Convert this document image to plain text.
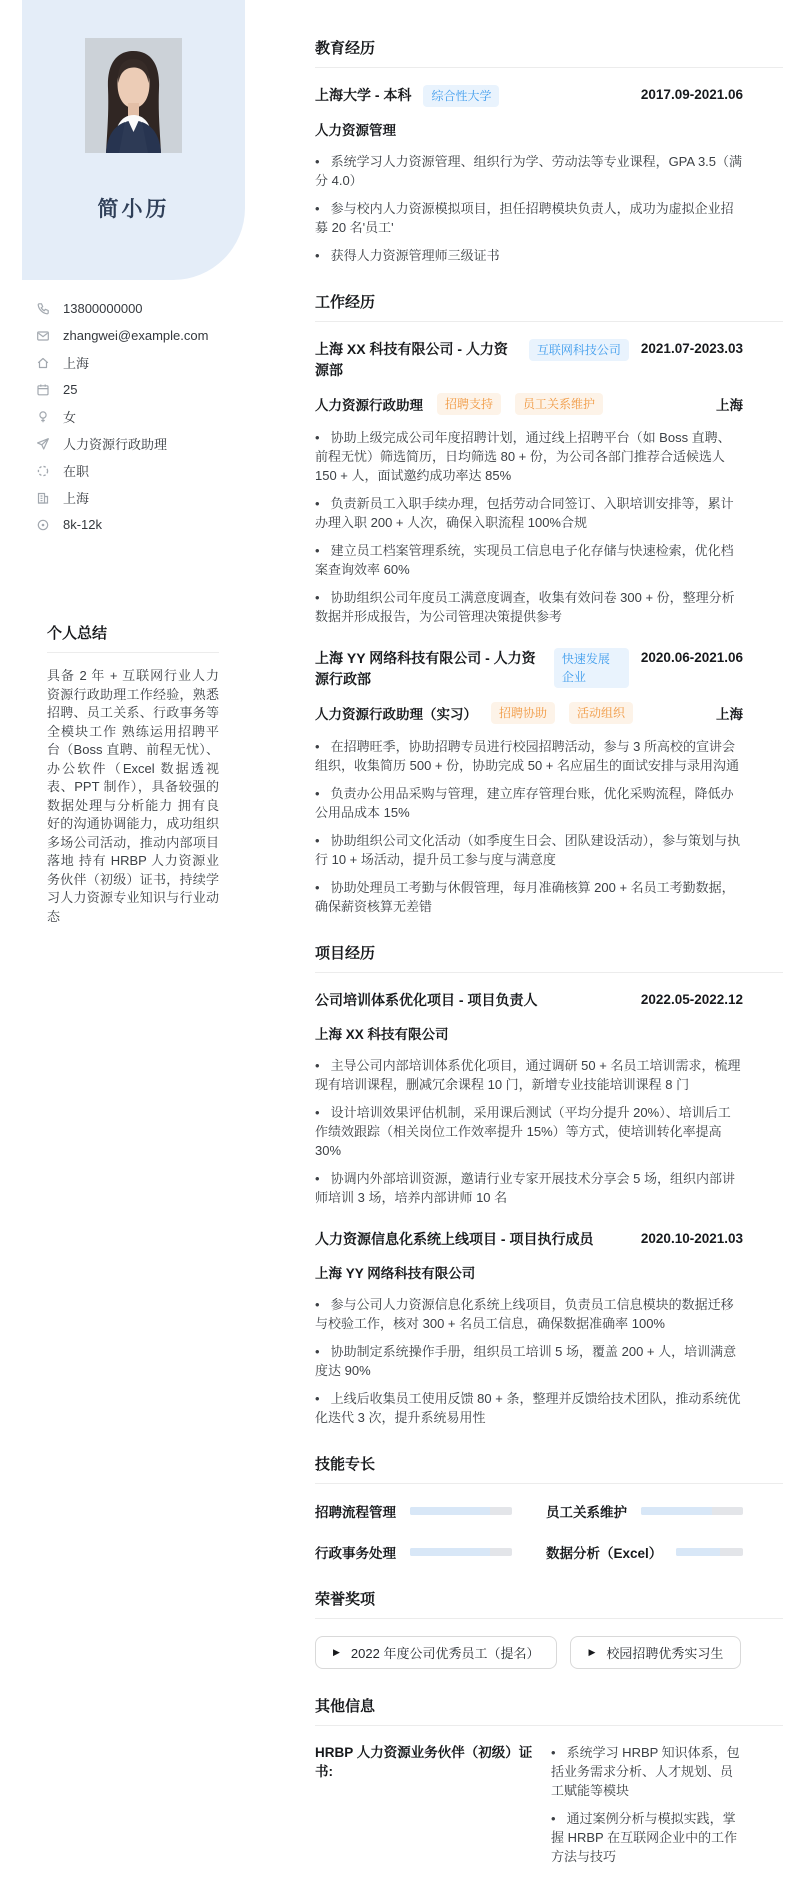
简小历
13800000000
zhangwei@example.com
上海
25
女
人力资源行政助理
在职
上海
8k-12k
个人总结

具备 2 年 + 互联网行业人力资源行政助理工作经验，熟悉招聘、员工关系、行政事务等全模块工作 熟练运用招聘平台（Boss 直聘、前程无忧）、办公软件（Excel 数据透视表、PPT 制作），具备较强的数据处理与分析能力 拥有良好的沟通协调能力，成功组织多场公司活动，推动内部项目落地 持有 HRBP 人力资源业务伙伴（初级）证书，持续学习人力资源专业知识与行业动态

教育经历
上海大学 - 本科	综合性大学	2017.09-2021.06

人力资源管理

• 系统学习人力资源管理、组织行为学、劳动法等专业课程，GPA 3.5（满分 4.0）
• 参与校内人力资源模拟项目，担任招聘模块负责人，成功为虚拟企业招募 20 名'员工'
• 获得人力资源管理师三级证书
工作经历
上海 XX 科技有限公司 - 人力资源部
互联网科技公司	2021.07-2023.03
人力资源行政助理	招聘支持	员工关系维护	上海
• 协助上级完成公司年度招聘计划，通过线上招聘平台（如 Boss 直聘、前程无忧）筛选简历，日均筛选 80 + 份，为公司各部门推荐合适候选人 150 + 人，面试邀约成功率达 85%
• 负责新员工入职手续办理，包括劳动合同签订、入职培训安排等，累计办理入职 200 + 人次，确保入职流程 100%合规
• 建立员工档案管理系统，实现员工信息电子化存储与快速检索，优化档案查询效率 60%
• 协助组织公司年度员工满意度调查，收集有效问卷 300 + 份，整理分析数据并形成报告，为公司管理决策提供参考
上海 YY 网络科技有限公司 - 人力资源行政部
快速发展企业
2020.06-2021.06
人力资源行政助理（实习）	招聘协助	活动组织	上海
• 在招聘旺季，协助招聘专员进行校园招聘活动，参与 3 所高校的宣讲会组织，收集简历 500 + 份，协助完成 50 + 名应届生的面试安排与录用沟通
• 负责办公用品采购与管理，建立库存管理台账，优化采购流程，降低办公用品成本 15%
• 协助组织公司文化活动（如季度生日会、团队建设活动），参与策划与执行 10 + 场活动，提升员工参与度与满意度
• 协助处理员工考勤与休假管理，每月准确核算 200 + 名员工考勤数据，确保薪资核算无差错
项目经历
公司培训体系优化项目 - 项目负责人	2022.05-2022.12

上海 XX 科技有限公司

• 主导公司内部培训体系优化项目，通过调研 50 + 名员工培训需求，梳理现有培训课程，删减冗余课程 10 门，新增专业技能培训课程 8 门
• 设计培训效果评估机制，采用课后测试（平均分提升 20%）、培训后工作绩效跟踪（相关岗位工作效率提升 15%）等方式，使培训转化率提高 30%
• 协调内外部培训资源，邀请行业专家开展技术分享会 5 场，组织内部讲师培训 3 场，培养内部讲师 10 名
人力资源信息化系统上线项目 - 项目执行成员	2020.10-2021.03

上海 YY 网络科技有限公司

• 参与公司人力资源信息化系统上线项目，负责员工信息模块的数据迁移与校验工作，核对 300 + 名员工信息，确保数据准确率 100%
• 协助制定系统操作手册，组织员工培训 5 场，覆盖 200 + 人，培训满意度达 90%
• 上线后收集员工使用反馈 80 + 条，整理并反馈给技术团队，推动系统优化迭代 3 次，提升系统易用性
技能专长
招聘流程管理	员工关系维护
行政事务处理	数据分析（Excel）
荣誉奖项
▶ 2022 年度公司优秀员工（提名）	▶ 校园招聘优秀实习生
其他信息
HRBP 人力资源业务伙伴（初级）证书:
• 系统学习 HRBP 知识体系，包括业务需求分析、人才规划、员工赋能等模块
• 通过案例分析与模拟实践，掌握 HRBP 在互联网企业中的工作方法与技巧
